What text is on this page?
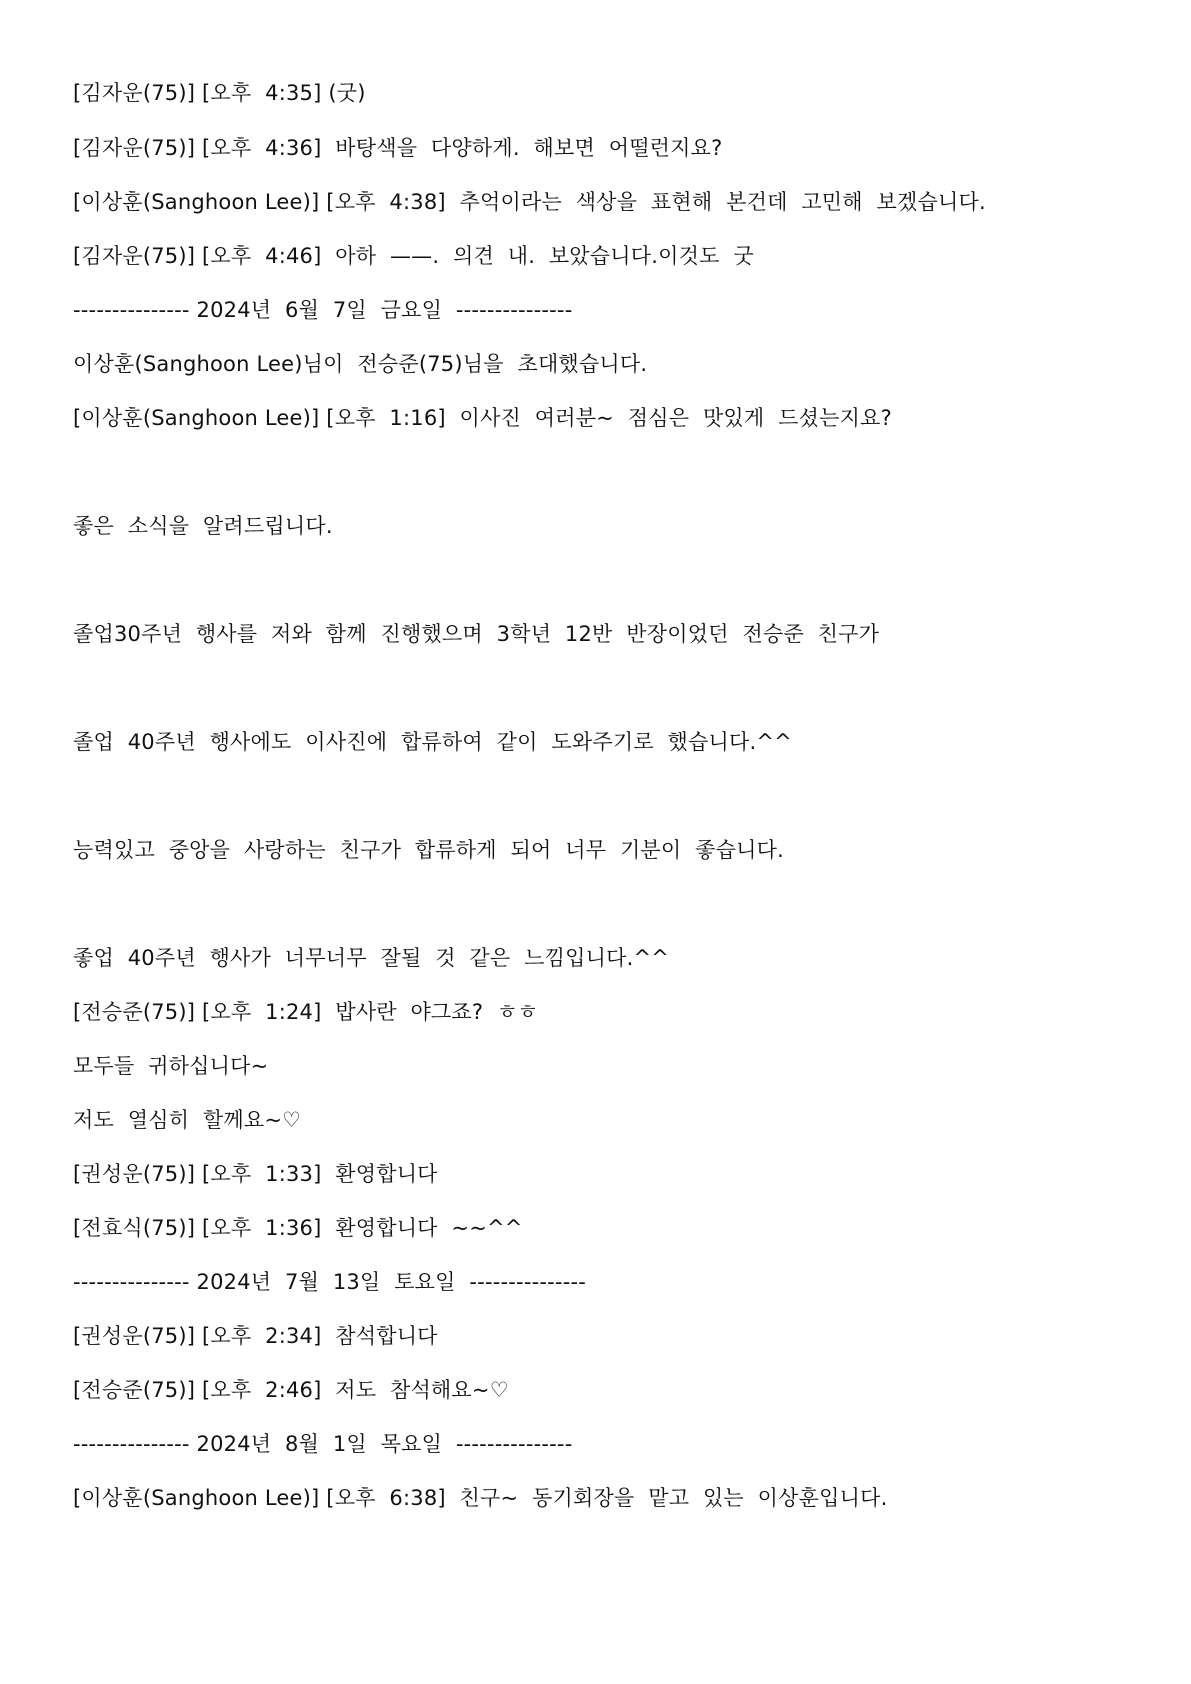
[김자운(75)] [오후  4:35] (굿)

[김자운(75)] [오후  4:36]  바탕색을  다양하게.  해보면  어떨런지요?

[이상훈(Sanghoon Lee)] [오후  4:38]  추억이라는  색상을  표현해  본건데  고민해  보겠습니다.

[김자운(75)] [오후  4:46]  아하  ——.  의견  내.  보았습니다.이것도  굿

--------------- 2024년  6월  7일  금요일  ---------------

이상훈(Sanghoon Lee)님이  전승준(75)님을  초대했습니다.

[이상훈(Sanghoon Lee)] [오후  1:16]  이사진  여러분~  점심은  맛있게  드셨는지요?

좋은  소식을  알려드립니다.

졸업30주년  행사를  저와  함께  진행했으며  3학년  12반  반장이었던  전승준  친구가

졸업  40주년  행사에도  이사진에  합류하여  같이  도와주기로  했습니다.^^

능력있고  중앙을  사랑하는  친구가  합류하게  되어  너무  기분이  좋습니다.

좋업  40주년  행사가  너무너무  잘될  것  같은  느낌입니다.^^

[전승준(75)] [오후  1:24]  밥사란  야그죠?  ㅎㅎ

모두들  귀하십니다~

저도  열심히  할께요~♡

[권성운(75)] [오후  1:33]  환영합니다

[전효식(75)] [오후  1:36]  환영합니다  ~~^^

--------------- 2024년  7월  13일  토요일  ---------------

[권성운(75)] [오후  2:34]  참석합니다

[전승준(75)] [오후  2:46]  저도  참석해요~♡

--------------- 2024년  8월  1일  목요일  ---------------

[이상훈(Sanghoon Lee)] [오후  6:38]  친구~  동기회장을  맡고  있는  이상훈입니다.
